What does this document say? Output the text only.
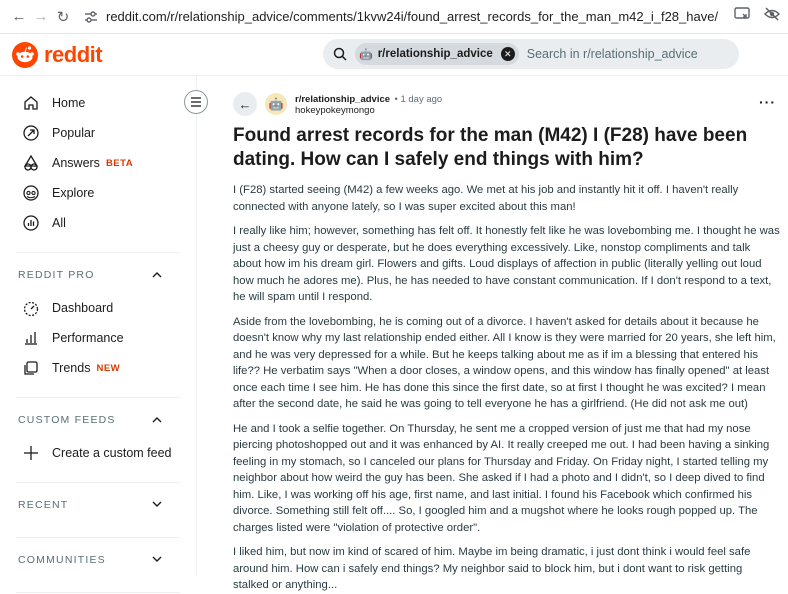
← → ↻	reddit.com/r/relationship_advice/comments/1kvw24i/found_arrest_records_for_the_man_m42_i_f28_have/
reddit	🤖 r/relationship_advice	✕ Search in r/relationship_advice
Home
Popular
Answers BETA
Explore
All
REDDIT PRO
Dashboard
Performance
Trends NEW
CUSTOM FEEDS
Create a custom feed
RECENT
COMMUNITIES
←	🤖	r/relationship_advice • 1 day ago
hokeypokeymongo
···
Found arrest records for the man (M42) I (F28) have been dating. How can I safely end things with him?

I (F28) started seeing (M42) a few weeks ago. We met at his job and instantly hit it off. I haven't really connected with anyone lately, so I was super excited about this man!

I really like him; however, something has felt off. It honestly felt like he was lovebombing me. I thought he was just a cheesy guy or desperate, but he does everything excessively. Like, nonstop compliments and talk about how im his dream girl. Flowers and gifts. Loud displays of affection in public (literally yelling out loud how much he adores me). Plus, he has needed to have constant communication. If I don't respond to a text, he will spam until I respond.

Aside from the lovebombing, he is coming out of a divorce. I haven't asked for details about it because he doesn't know why my last relationship ended either. All I know is they were married for 20 years, she left him, and he was very depressed for a while. But he keeps talking about me as if im a blessing that entered his life?? He verbatim says "When a door closes, a window opens, and this window has finally opened" at least once each time I see him. He has done this since the first date, so at first I thought he was excited? I mean after the second date, he said he was going to tell everyone he has a girlfriend. (He did not ask me out)

He and I took a selfie together. On Thursday, he sent me a cropped version of just me that had my nose piercing photoshopped out and it was enhanced by AI. It really creeped me out. I had been having a sinking feeling in my stomach, so I canceled our plans for Thursday and Friday. On Friday night, I started telling my neighbor about how weird the guy has been. She asked if I had a photo and I didn't, so I deep dived to find him. Like, I was working off his age, first name, and last initial. I found his Facebook which confirmed his divorce. Something still felt off.... So, I googled him and a mugshot where he looks rough popped up. The charges listed were "violation of protective order".

I liked him, but now im kind of scared of him. Maybe im being dramatic, i just dont think i would feel safe around him. How can i safely end things? My neighbor said to block him, but i dont want to risk getting stalked or anything...
